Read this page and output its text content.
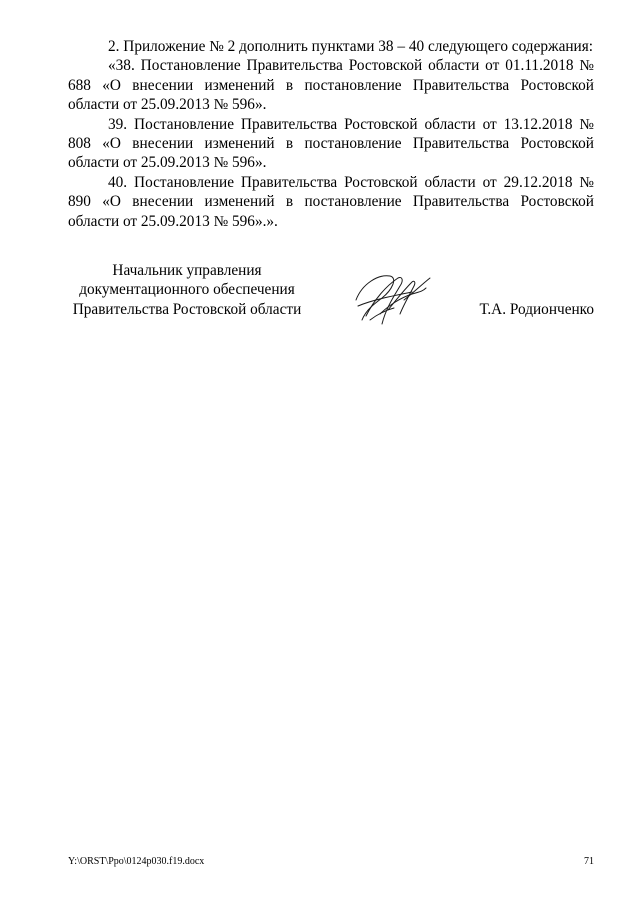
2. Приложение № 2 дополнить пунктами 38 – 40 следующего содержания:

«38. Постановление Правительства Ростовской области от 01.11.2018 № 688 «О внесении изменений в постановление Правительства Ростовской области от 25.09.2013 № 596».

39. Постановление Правительства Ростовской области от 13.12.2018 № 808 «О внесении изменений в постановление Правительства Ростовской области от 25.09.2013 № 596».

40. Постановление Правительства Ростовской области от 29.12.2018 № 890 «О внесении изменений в постановление Правительства Ростовской области от 25.09.2013 № 596».».

Начальник управления
документационного обеспечения
Правительства Ростовской области	Т.А. Родионченко
Y:\ORST\Ppo\0124p030.f19.docx	71
